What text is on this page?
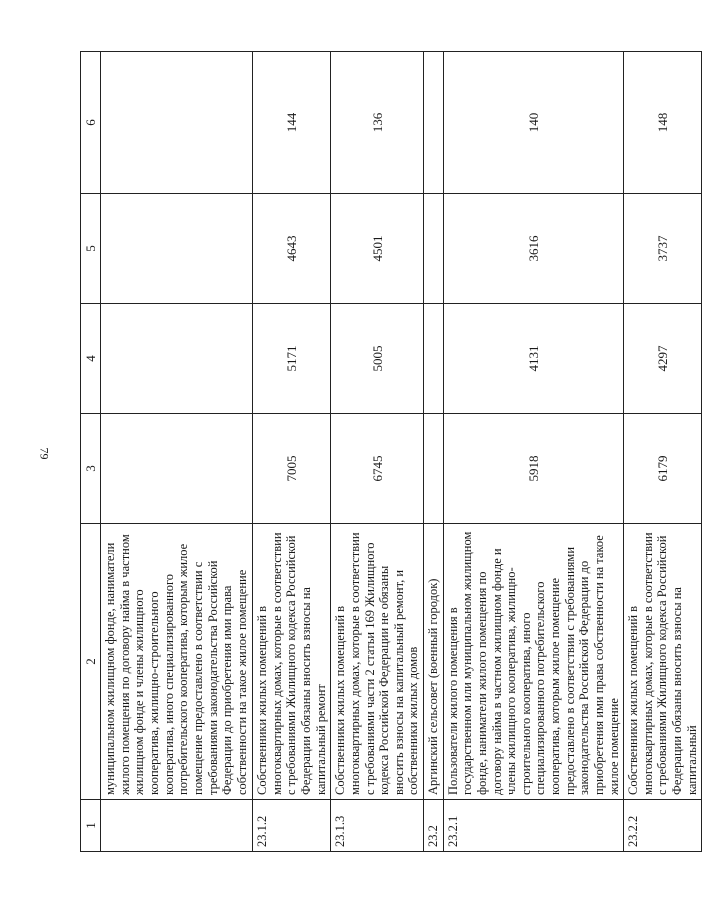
79
1	2	3	4	5	6
	муниципальном жилищном фонде, наниматели жилого помещения по договору найма в частном жилищном фонде и члены жилищного кооператива, жилищно-строительного кооператива, иного специализированного потребительского кооператива, которым жилое помещение предоставлено в соответствии с требованиями законодательства Российской Федерации до приобретения ими права собственности на такое жилое помещение				
23.1.2	Собственники жилых помещений в многоквартирных домах, которые в соответствии с требованиями Жилищного кодекса Российской Федерации обязаны вносить взносы на капитальный ремонт	7005	5171	4643	144
23.1.3	Собственники жилых помещений в многоквартирных домах, которые в соответствии с требованиями части 2 статьи 169 Жилищного кодекса Российской Федерации не обязаны вносить взносы на капитальный ремонт, и собственники жилых домов	6745	5005	4501	136
23.2	Аргинский сельсовет (военный городок)				
23.2.1	Пользователи жилого помещения в государственном или муниципальном жилищном фонде, наниматели жилого помещения по договору найма в частном жилищном фонде и члены жилищного кооператива, жилищно-строительного кооператива, иного специализированного потребительского кооператива, которым жилое помещение предоставлено в соответствии с требованиями законодательства Российской Федерации до приобретения ими права собственности на такое жилое помещение	5918	4131	3616	140
23.2.2	Собственники жилых помещений в многоквартирных домах, которые в соответствии с требованиями Жилищного кодекса Российской Федерации обязаны вносить взносы на капитальный	6179	4297	3737	148
